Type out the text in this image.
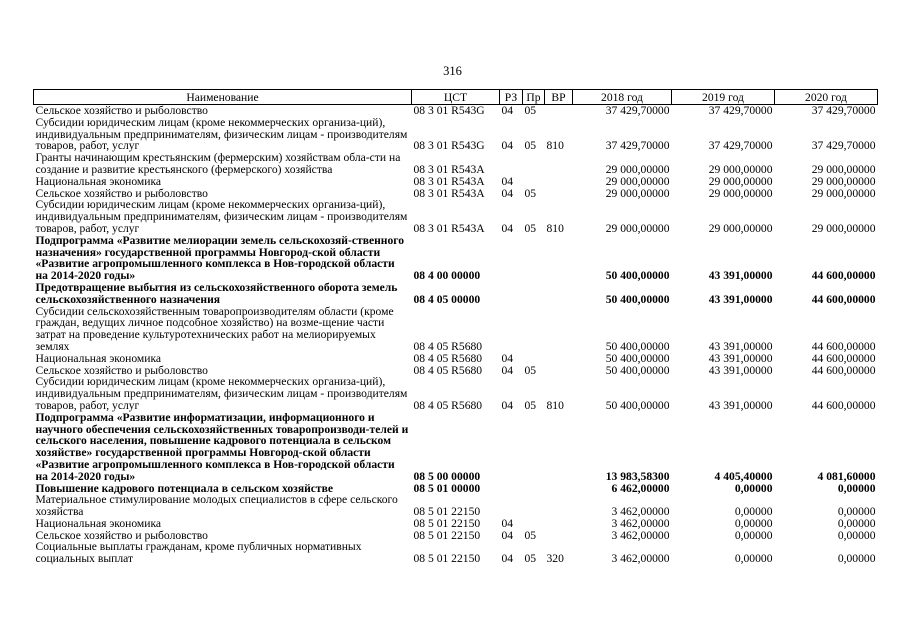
316
Наименование	ЦСТ	РЗ	Пр	ВР	2018 год	2019 год	2020 год
Сельское хозяйство и рыболовство	08 3 01 R543G	04	05		37 429,70000	37 429,70000	37 429,70000
Субсидии юридическим лицам (кроме некоммерческих организа-ций), индивидуальным предпринимателям, физическим лицам - производителям товаров, работ, услуг	08 3 01 R543G	04	05	810	37 429,70000	37 429,70000	37 429,70000
Гранты начинающим крестьянским (фермерским) хозяйствам обла-сти на создание и развитие крестьянского (фермерского) хозяйства	08 3 01 R543A				29 000,00000	29 000,00000	29 000,00000
Национальная экономика	08 3 01 R543A	04			29 000,00000	29 000,00000	29 000,00000
Сельское хозяйство и рыболовство	08 3 01 R543A	04	05		29 000,00000	29 000,00000	29 000,00000
Субсидии юридическим лицам (кроме некоммерческих организа-ций), индивидуальным предпринимателям, физическим лицам - производителям товаров, работ, услуг	08 3 01 R543A	04	05	810	29 000,00000	29 000,00000	29 000,00000
Подпрограмма «Развитие мелиорации земель сельскохозяй-ственного назначения» государственной программы Новгород-ской области «Развитие агропромышленного комплекса в Нов-городской области на 2014-2020 годы»	08 4 00 00000				50 400,00000	43 391,00000	44 600,00000
Предотвращение выбытия из сельскохозяйственного оборота земель сельскохозяйственного назначения	08 4 05 00000				50 400,00000	43 391,00000	44 600,00000
Субсидии сельскохозяйственным товаропроизводителям области (кроме граждан, ведущих личное подсобное хозяйство) на возме-щение части затрат на проведение культуротехнических работ на мелиорируемых землях	08 4 05 R5680				50 400,00000	43 391,00000	44 600,00000
Национальная экономика	08 4 05 R5680	04			50 400,00000	43 391,00000	44 600,00000
Сельское хозяйство и рыболовство	08 4 05 R5680	04	05		50 400,00000	43 391,00000	44 600,00000
Субсидии юридическим лицам (кроме некоммерческих организа-ций), индивидуальным предпринимателям, физическим лицам - производителям товаров, работ, услуг	08 4 05 R5680	04	05	810	50 400,00000	43 391,00000	44 600,00000
Подпрограмма «Развитие информатизации, информационного и научного обеспечения сельскохозяйственных товаропроизводи-телей и сельского населения, повышение кадрового потенциала в сельском хозяйстве» государственной программы Новгород-ской области «Развитие агропромышленного комплекса в Нов-городской области на 2014-2020 годы»	08 5 00 00000				13 983,58300	4 405,40000	4 081,60000
Повышение кадрового потенциала в сельском хозяйстве	08 5 01 00000				6 462,00000	0,00000	0,00000
Материальное стимулирование молодых специалистов в сфере сельского хозяйства	08 5 01 22150				3 462,00000	0,00000	0,00000
Национальная экономика	08 5 01 22150	04			3 462,00000	0,00000	0,00000
Сельское хозяйство и рыболовство	08 5 01 22150	04	05		3 462,00000	0,00000	0,00000
Социальные выплаты гражданам, кроме публичных нормативных социальных выплат	08 5 01 22150	04	05	320	3 462,00000	0,00000	0,00000
